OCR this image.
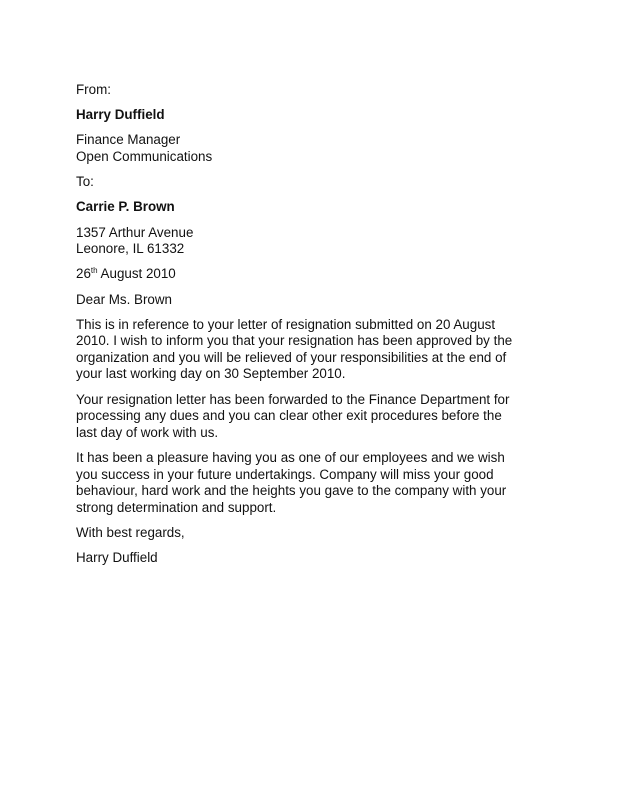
From:
Harry Duffield
Finance Manager
Open Communications
To:
Carrie P. Brown
1357 Arthur Avenue
Leonore, IL 61332
26th August 2010
Dear Ms. Brown
This is in reference to your letter of resignation submitted on 20 August
2010. I wish to inform you that your resignation has been approved by the
organization and you will be relieved of your responsibilities at the end of
your last working day on 30 September 2010.
Your resignation letter has been forwarded to the Finance Department for
processing any dues and you can clear other exit procedures before the
last day of work with us.
It has been a pleasure having you as one of our employees and we wish
you success in your future undertakings. Company will miss your good
behaviour, hard work and the heights you gave to the company with your
strong determination and support.
With best regards,
Harry Duffield
